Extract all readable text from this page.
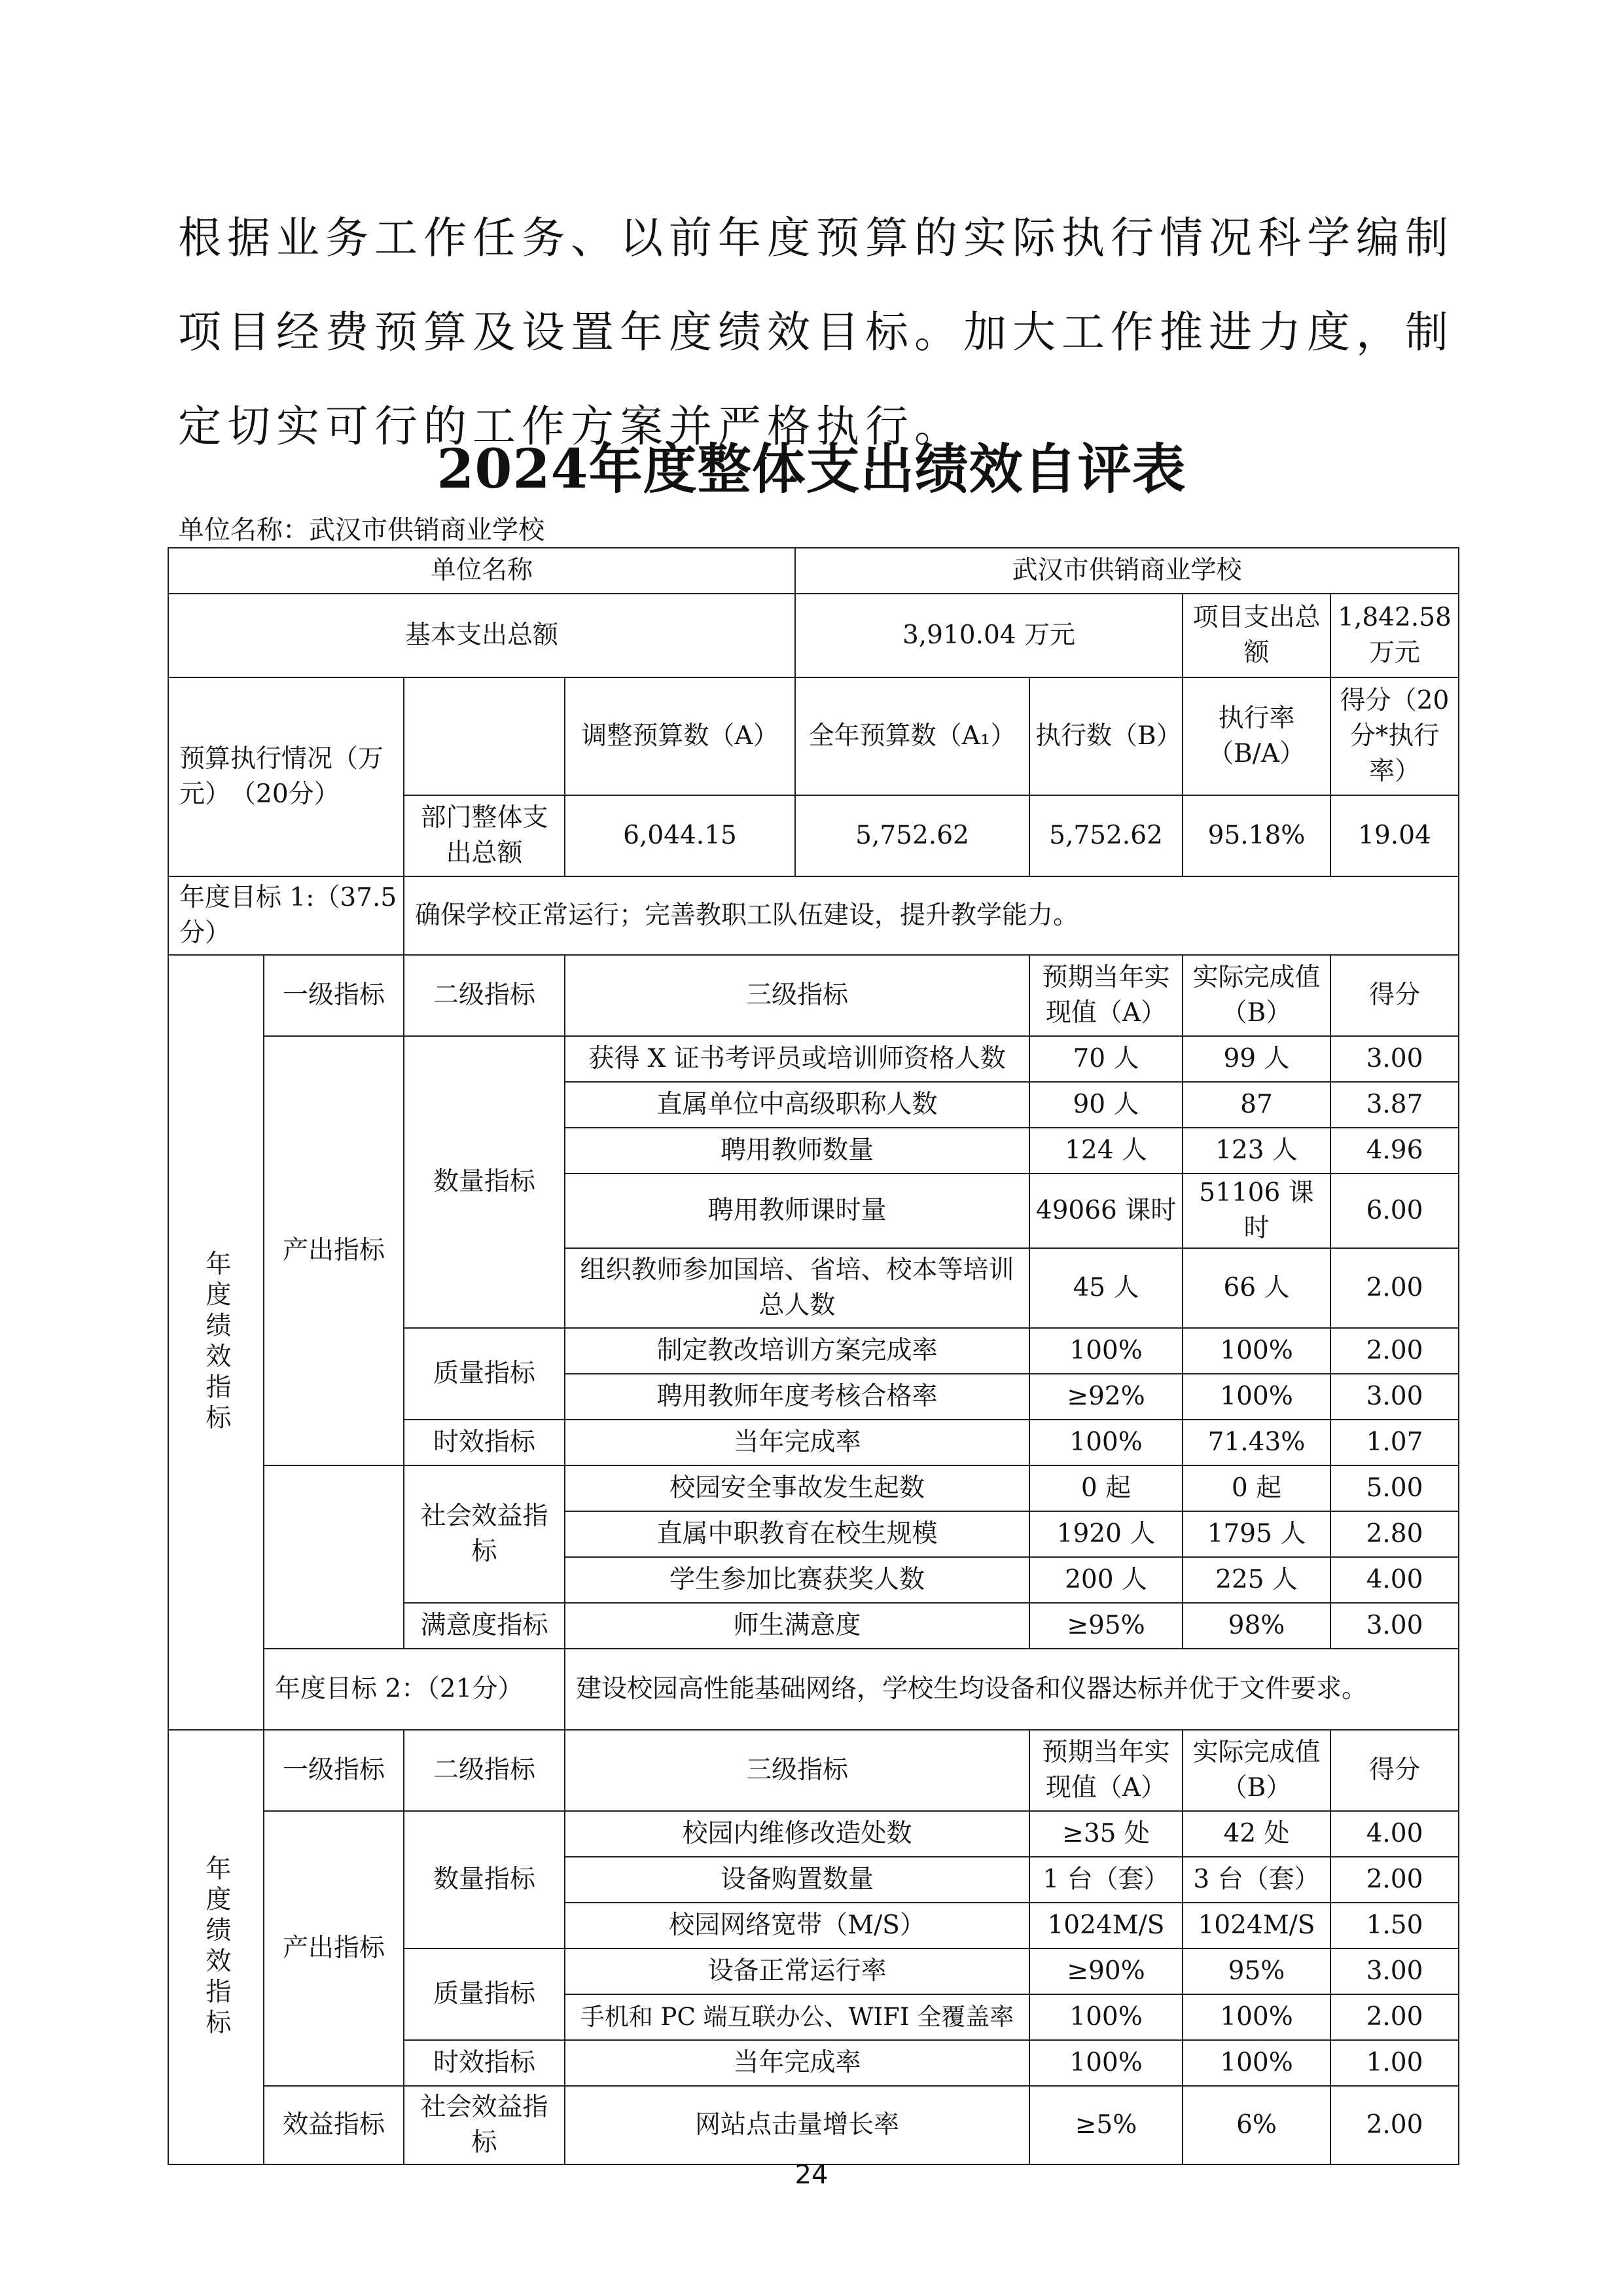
根据业务工作任务、以前年度预算的实际执行情况科学编制项目经费预算及设置年度绩效目标。加大工作推进力度，制定切实可行的工作方案并严格执行。

2024年度整体支出绩效自评表
单位名称：武汉市供销商业学校
单位名称	武汉市供销商业学校		
基本支出总额	3,910.04 万元	项目支出总额	1,842.58 万元
预算执行情况（万元）　（20分）		调整预算数（A）	全年预算数（A₁）	执行数（B）	执行率（B/A）	得分（20分*执行率）
	部门整体支出总额	6,044.15	5,752.62	5,752.62	95.18%	19.04
年度目标 1:（37.5分）		确保学校正常运行；完善教职工队伍建设，提升教学能力。				
年度绩效指标	一级指标	二级指标	三级指标	预期当年实现值（A）	实际完成值（B）	得分
	产出指标	数量指标	获得 X 证书考评员或培训师资格人数	70 人	99 人	3.00
			直属单位中高级职称人数	90 人	87	3.87
			聘用教师数量	124 人	123 人	4.96
			聘用教师课时量	49066 课时	51106 课时	6.00
			组织教师参加国培、省培、校本等培训总人数	45 人	66 人	2.00
		质量指标	制定教改培训方案完成率	100%	100%	2.00
			聘用教师年度考核合格率	≥92%	100%	3.00
		时效指标	当年完成率	100%	71.43%	1.07
		社会效益指标	校园安全事故发生起数	0 起	0 起	5.00
			直属中职教育在校生规模	1920 人	1795 人	2.80
			学生参加比赛获奖人数	200 人	225 人	4.00
		满意度指标	师生满意度	≥95%	98%	3.00
	年度目标 2：（21分）		建设校园高性能基础网络，学校生均设备和仪器达标并优于文件要求。			
年度绩效指标	一级指标	二级指标	三级指标	预期当年实现值（A）	实际完成值（B）	得分
	产出指标	数量指标	校园内维修改造处数	≥35 处	42 处	4.00
			设备购置数量	1 台（套）	3 台（套）	2.00
			校园网络宽带（M/S）	1024M/S	1024M/S	1.50
		质量指标	设备正常运行率	≥90%	95%	3.00
			手机和 PC 端互联办公、WIFI 全覆盖率	100%	100%	2.00
		时效指标	当年完成率	100%	100%	1.00
	效益指标	社会效益指标	网站点击量增长率	≥5%	6%	2.00
24
